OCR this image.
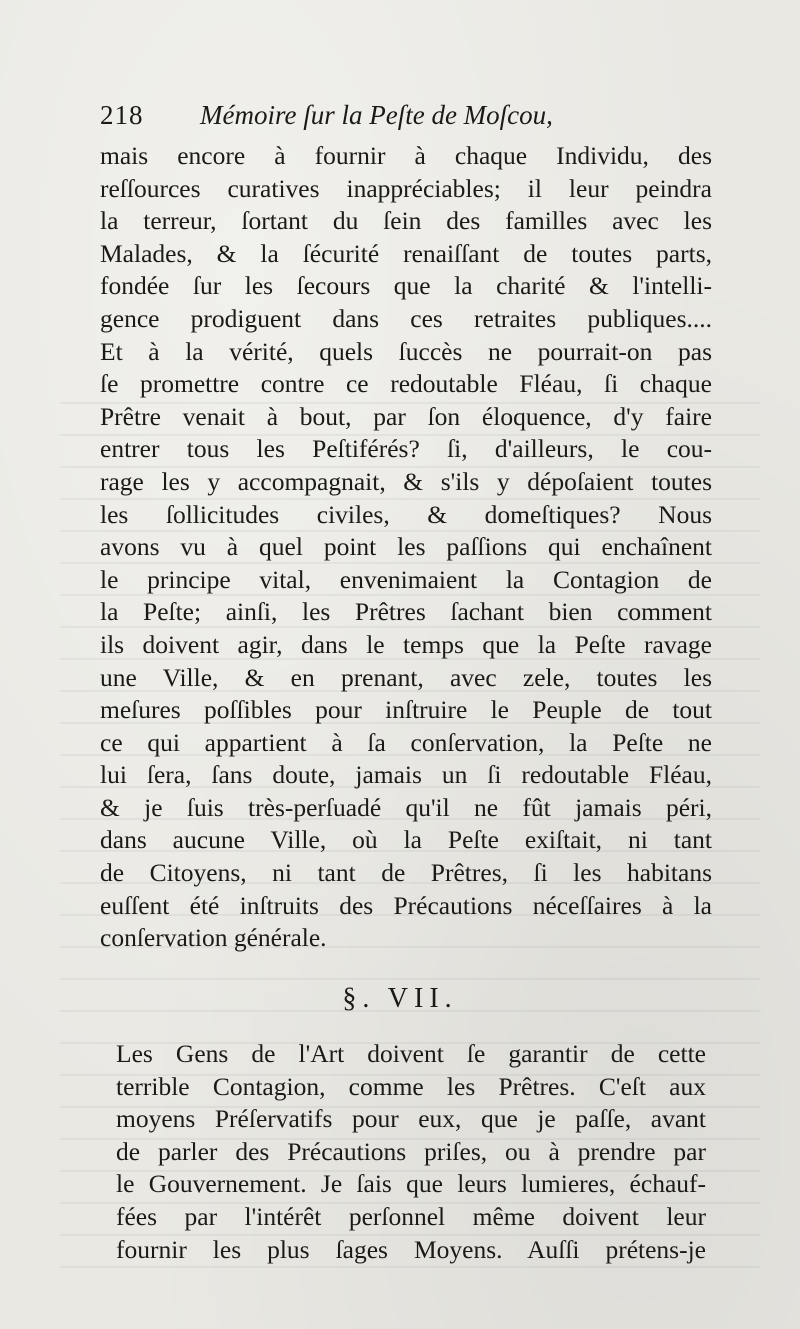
218 Mémoire ſur la Peſte de Moſcou,
mais encore à fournir à chaque Individu, des
reſſources curatives inappréciables; il leur peindra
la terreur, ſortant du ſein des familles avec les
Malades, & la ſécurité renaiſſant de toutes parts,
fondée ſur les ſecours que la charité & l'intelli-
gence prodiguent dans ces retraites publiques....
Et à la vérité, quels ſuccès ne pourrait-on pas
ſe promettre contre ce redoutable Fléau, ſi chaque
Prêtre venait à bout, par ſon éloquence, d'y faire
entrer tous les Peſtiférés? ſi, d'ailleurs, le cou-
rage les y accompagnait, & s'ils y dépoſaient toutes
les ſollicitudes civiles, & domeſtiques? Nous
avons vu à quel point les paſſions qui enchaînent
le principe vital, envenimaient la Contagion de
la Peſte; ainſi, les Prêtres ſachant bien comment
ils doivent agir, dans le temps que la Peſte ravage
une Ville, & en prenant, avec zele, toutes les
meſures poſſibles pour inſtruire le Peuple de tout
ce qui appartient à ſa conſervation, la Peſte ne
lui ſera, ſans doute, jamais un ſi redoutable Fléau,
& je ſuis très-perſuadé qu'il ne fût jamais péri,
dans aucune Ville, où la Peſte exiſtait, ni tant
de Citoyens, ni tant de Prêtres, ſi les habitans
euſſent été inſtruits des Précautions néceſſaires à la
conſervation générale.
§. VII.
Les Gens de l'Art doivent ſe garantir de cette
terrible Contagion, comme les Prêtres. C'eſt aux
moyens Préſervatifs pour eux, que je paſſe, avant
de parler des Précautions priſes, ou à prendre par
le Gouvernement. Je ſais que leurs lumieres, échauf-
fées par l'intérêt perſonnel même doivent leur
fournir les plus ſages Moyens. Auſſi prétens-je
